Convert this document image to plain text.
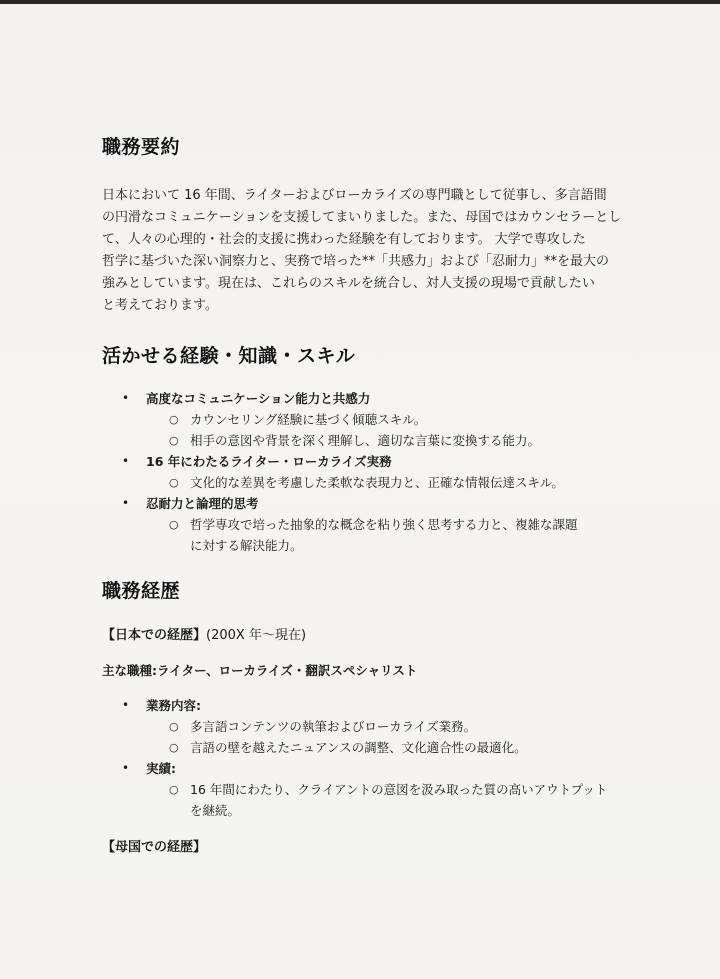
職務要約

日本において 16 年間、ライターおよびローカライズの専門職として従事し、多言語間
の円滑なコミュニケーションを支援してまいりました。また、母国ではカウンセラーとし
て、人々の心理的・社会的支援に携わった経験を有しております。 大学で専攻した
哲学に基づいた深い洞察力と、実務で培った**「共感力」および「忍耐力」**を最大の
強みとしています。現在は、これらのスキルを統合し、対人支援の現場で貢献したい
と考えております。

活かせる経験・知識・スキル
• 高度なコミュニケーション能力と共感力
○ カウンセリング経験に基づく傾聴スキル。
○ 相手の意図や背景を深く理解し、適切な言葉に変換する能力。
• 16 年にわたるライター・ローカライズ実務
○ 文化的な差異を考慮した柔軟な表現力と、正確な情報伝達スキル。
• 忍耐力と論理的思考
○ 哲学専攻で培った抽象的な概念を粘り強く思考する力と、複雑な課題
に対する解決能力。
職務経歴

【日本での経歴】(200X 年～現在)

主な職種:ライター、ローカライズ・翻訳スペシャリスト

• 業務内容:
○ 多言語コンテンツの執筆およびローカライズ業務。
○ 言語の壁を越えたニュアンスの調整、文化適合性の最適化。
• 実績:
○ 16 年間にわたり、クライアントの意図を汲み取った質の高いアウトプット
を継続。

【母国での経歴】
